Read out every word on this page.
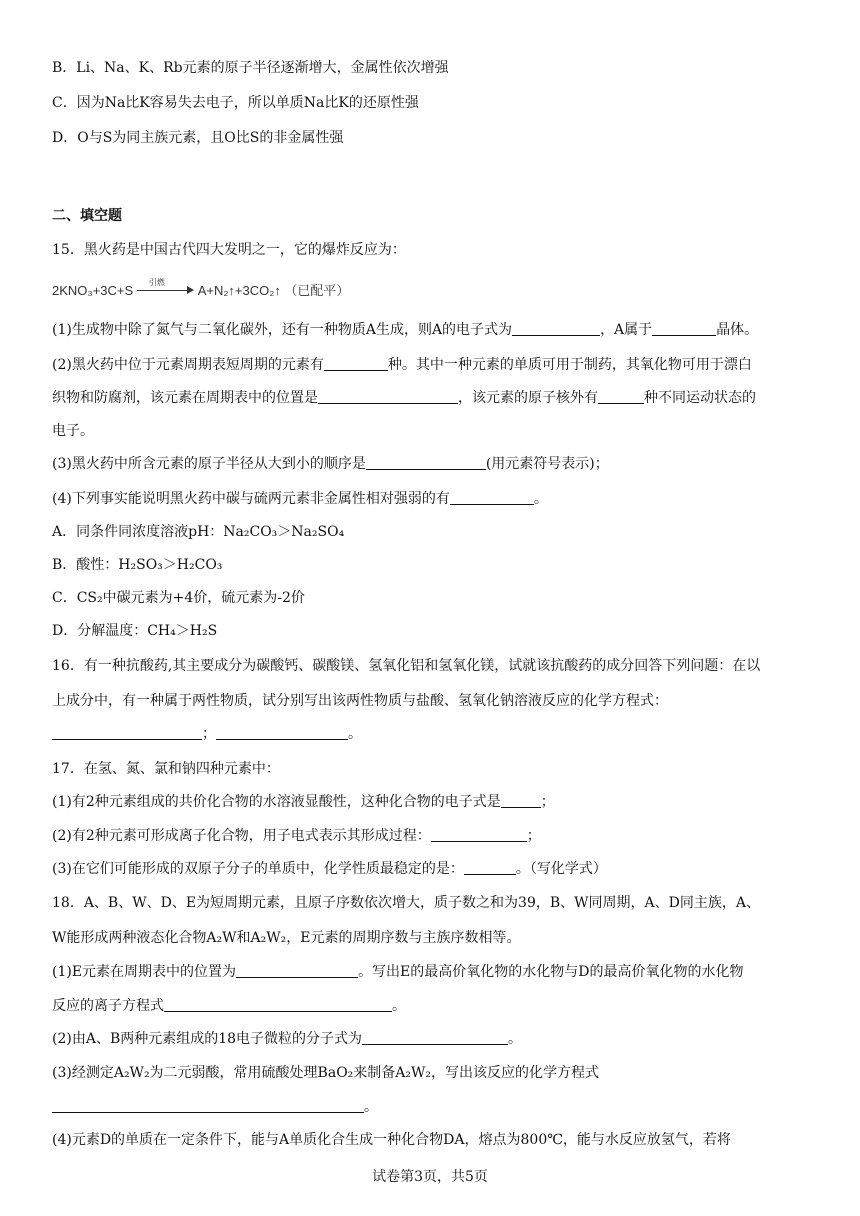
B．Li、Na、K、Rb元素的原子半径逐渐增大，金属性依次增强
C．因为Na比K容易失去电子，所以单质Na比K的还原性强
D．O与S为同主族元素，且O比S的非金属性强
二、填空题
15．黑火药是中国古代四大发明之一，它的爆炸反应为：
2KNO₃+3C+S
引燃
A+N₂↑+3CO₂↑ （已配平）
(1)生成物中除了氮气与二氧化碳外，还有一种物质A生成，则A的电子式为	，A属于	晶体。
(2)黑火药中位于元素周期表短周期的元素有	种。其中一种元素的单质可用于制药，其氧化物可用于漂白
织物和防腐剂，该元素在周期表中的位置是	，该元素的原子核外有	种不同运动状态的
电子。
(3)黑火药中所含元素的原子半径从大到小的顺序是	(用元素符号表示)；
(4)下列事实能说明黑火药中碳与硫两元素非金属性相对强弱的有	。
A．同条件同浓度溶液pH：Na₂CO₃＞Na₂SO₄
B．酸性：H₂SO₃＞H₂CO₃
C．CS₂中碳元素为+4价，硫元素为-2价
D．分解温度：CH₄＞H₂S
16．有一种抗酸药,其主要成分为碳酸钙、碳酸镁、氢氧化铝和氢氧化镁，试就该抗酸药的成分回答下列问题：在以
上成分中，有一种属于两性物质，试分别写出该两性物质与盐酸、氢氧化钠溶液反应的化学方程式：
；	。
17．在氢、氮、氯和钠四种元素中：
(1)有2种元素组成的共价化合物的水溶液显酸性，这种化合物的电子式是	；
(2)有2种元素可形成离子化合物，用子电式表示其形成过程：	；
(3)在它们可能形成的双原子分子的单质中，化学性质最稳定的是：	。（写化学式）
18．A、B、W、D、E为短周期元素，且原子序数依次增大，质子数之和为39，B、W同周期，A、D同主族，A、
W能形成两种液态化合物A₂W和A₂W₂，E元素的周期序数与主族序数相等。
(1)E元素在周期表中的位置为	。写出E的最高价氧化物的水化物与D的最高价氧化物的水化物
反应的离子方程式	。
(2)由A、B两种元素组成的18电子微粒的分子式为	。
(3)经测定A₂W₂为二元弱酸，常用硫酸处理BaO₂来制备A₂W₂，写出该反应的化学方程式
。
(4)元素D的单质在一定条件下，能与A单质化合生成一种化合物DA，熔点为800℃，能与水反应放氢气，若将
试卷第3页，共5页
